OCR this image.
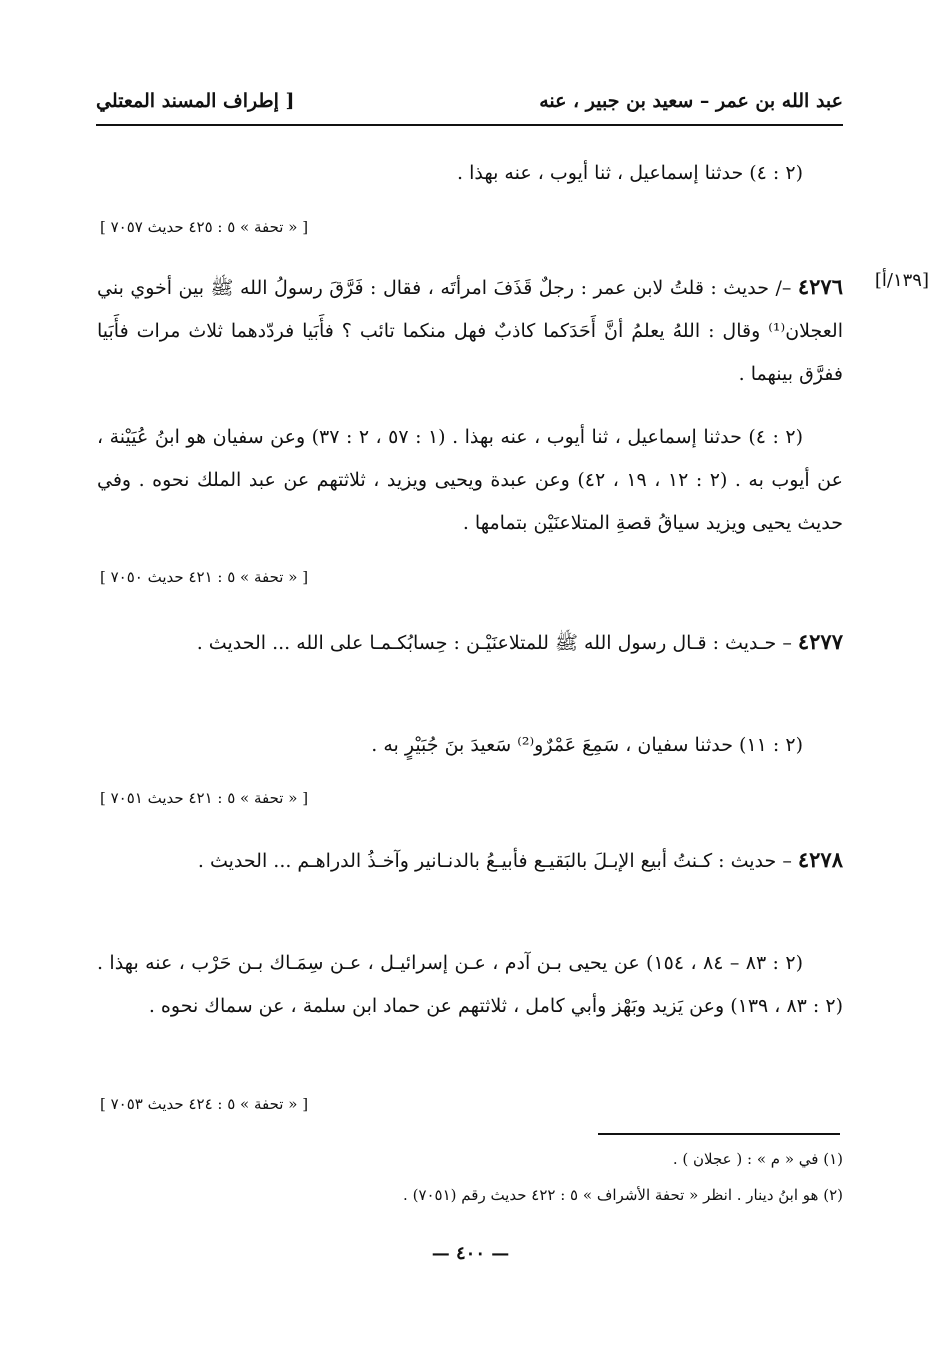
عبد الله بن عمر – سعيد بن جبير ، عنه
[ إطراف المسند المعتلي
(٢ : ٤) حدثنا إسماعيل ، ثنا أيوب ، عنه بهذا .
[ « تحفة » ٥ : ٤٢٥ حديث ٧٠٥٧ ]
[١٣٩/أ]
٤٢٧٦ –/ حديث : قلتُ لابن عمر : رجلٌ قَذَفَ امرأتَه ، فقال : فَرَّقَ رسولُ الله ﷺ بين أخوي بني العجلان⁽¹⁾ وقال : اللهُ يعلمُ أنَّ أَحَدَكما كاذبٌ فهل منكما تائب ؟ فأَبَيا فردّدهما ثلاث مرات فأَبَيا ففرَّق بينهما .
(٢ : ٤) حدثنا إسماعيل ، ثنا أيوب ، عنه بهذا . (١ : ٥٧ ، ٢ : ٣٧) وعن سفيان هو ابنُ عُيَيْنة ، عن أيوب به . (٢ : ١٢ ، ١٩ ، ٤٢) وعن عبدة ويحيى ويزيد ، ثلاثتهم عن عبد الملك نحوه . وفي حديث يحيى ويزيد سياقُ قصةِ المتلاعنَيْن بتمامها .
[ « تحفة » ٥ : ٤٢١ حديث ٧٠٥٠ ]
٤٢٧٧ – حـديث : قـال رسول الله ﷺ للمتلاعنَيْـن : حِسابُكـمـا على الله ... الحديث .
(٢ : ١١) حدثنا سفيان ، سَمِعَ عَمْرٌو⁽²⁾ سَعيدَ بنَ جُبَيْرٍ به .
[ « تحفة » ٥ : ٤٢١ حديث ٧٠٥١ ]
٤٢٧٨ – حديث : كـنتُ أبيع الإبـلَ بالبَقيـع فأبيـعُ بالدنـانير وآخـذُ الدراهـم ... الحديث .
(٢ : ٨٣ – ٨٤ ، ١٥٤) عن يحيى بـن آدم ، عـن إسرائيـل ، عـن سِمَـاك بـن حَرْب ، عنه بهذا . (٢ : ٨٣ ، ١٣٩) وعن يَزيد وبَهْز وأبي كامل ، ثلاثتهم عن حماد ابن سلمة ، عن سماك نحوه .
[ « تحفة » ٥ : ٤٢٤ حديث ٧٠٥٣ ]
(١) في « م » : ( عجلان ) .
(٢) هو ابنُ دينار . انظر « تحفة الأشراف » ٥ : ٤٢٢ حديث رقم (٧٠٥١) .
— ٤٠٠ —
